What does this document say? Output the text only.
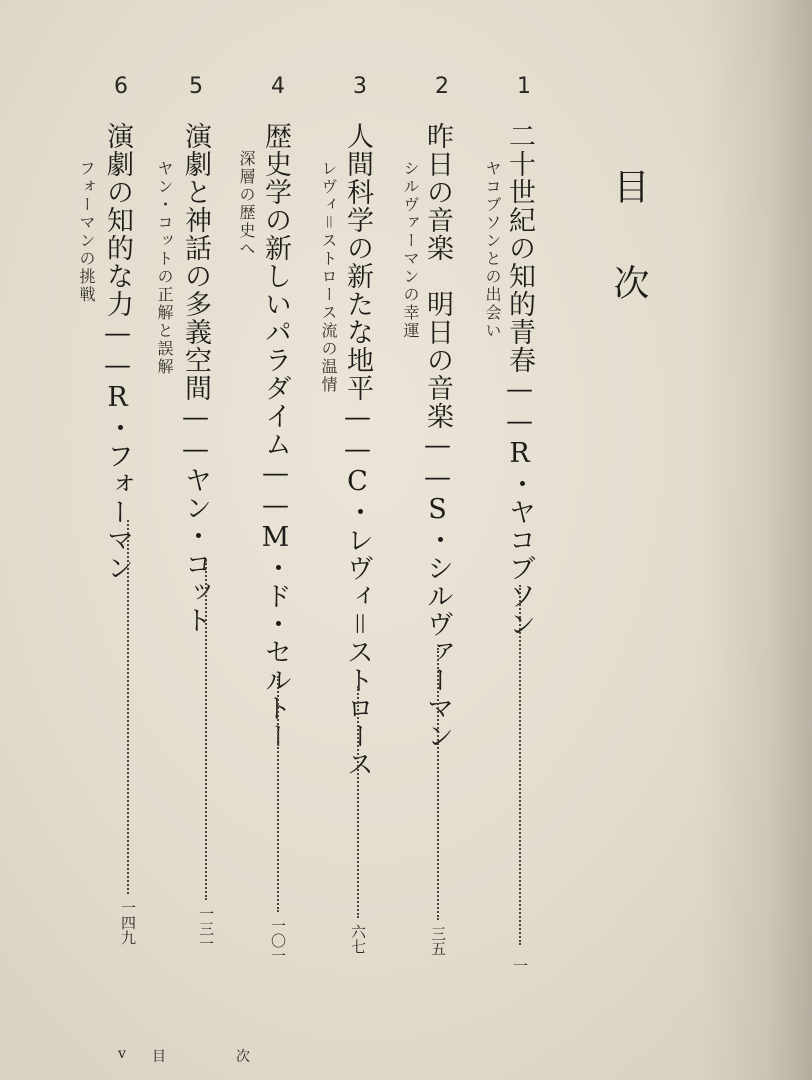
目次
1
二十世紀の知的青春——R・ヤコブソン
ヤコブソンとの出会い
一
2
昨日の音楽　明日の音楽——S・シルヴァーマン
シルヴァーマンの幸運
三五
3
人間科学の新たな地平——C・レヴィ＝ストロース
レヴィ＝ストロース流の温情
六七
4
歴史学の新しいパラダイム——M・ド・セルトー
深層の歴史へ
一〇一
5
演劇と神話の多義空間——ヤン・コット
ヤン・コットの正解と誤解
一三一
6
演劇の知的な力——R・フォーマン
フォーマンの挑戦
一四九
v 目　次
